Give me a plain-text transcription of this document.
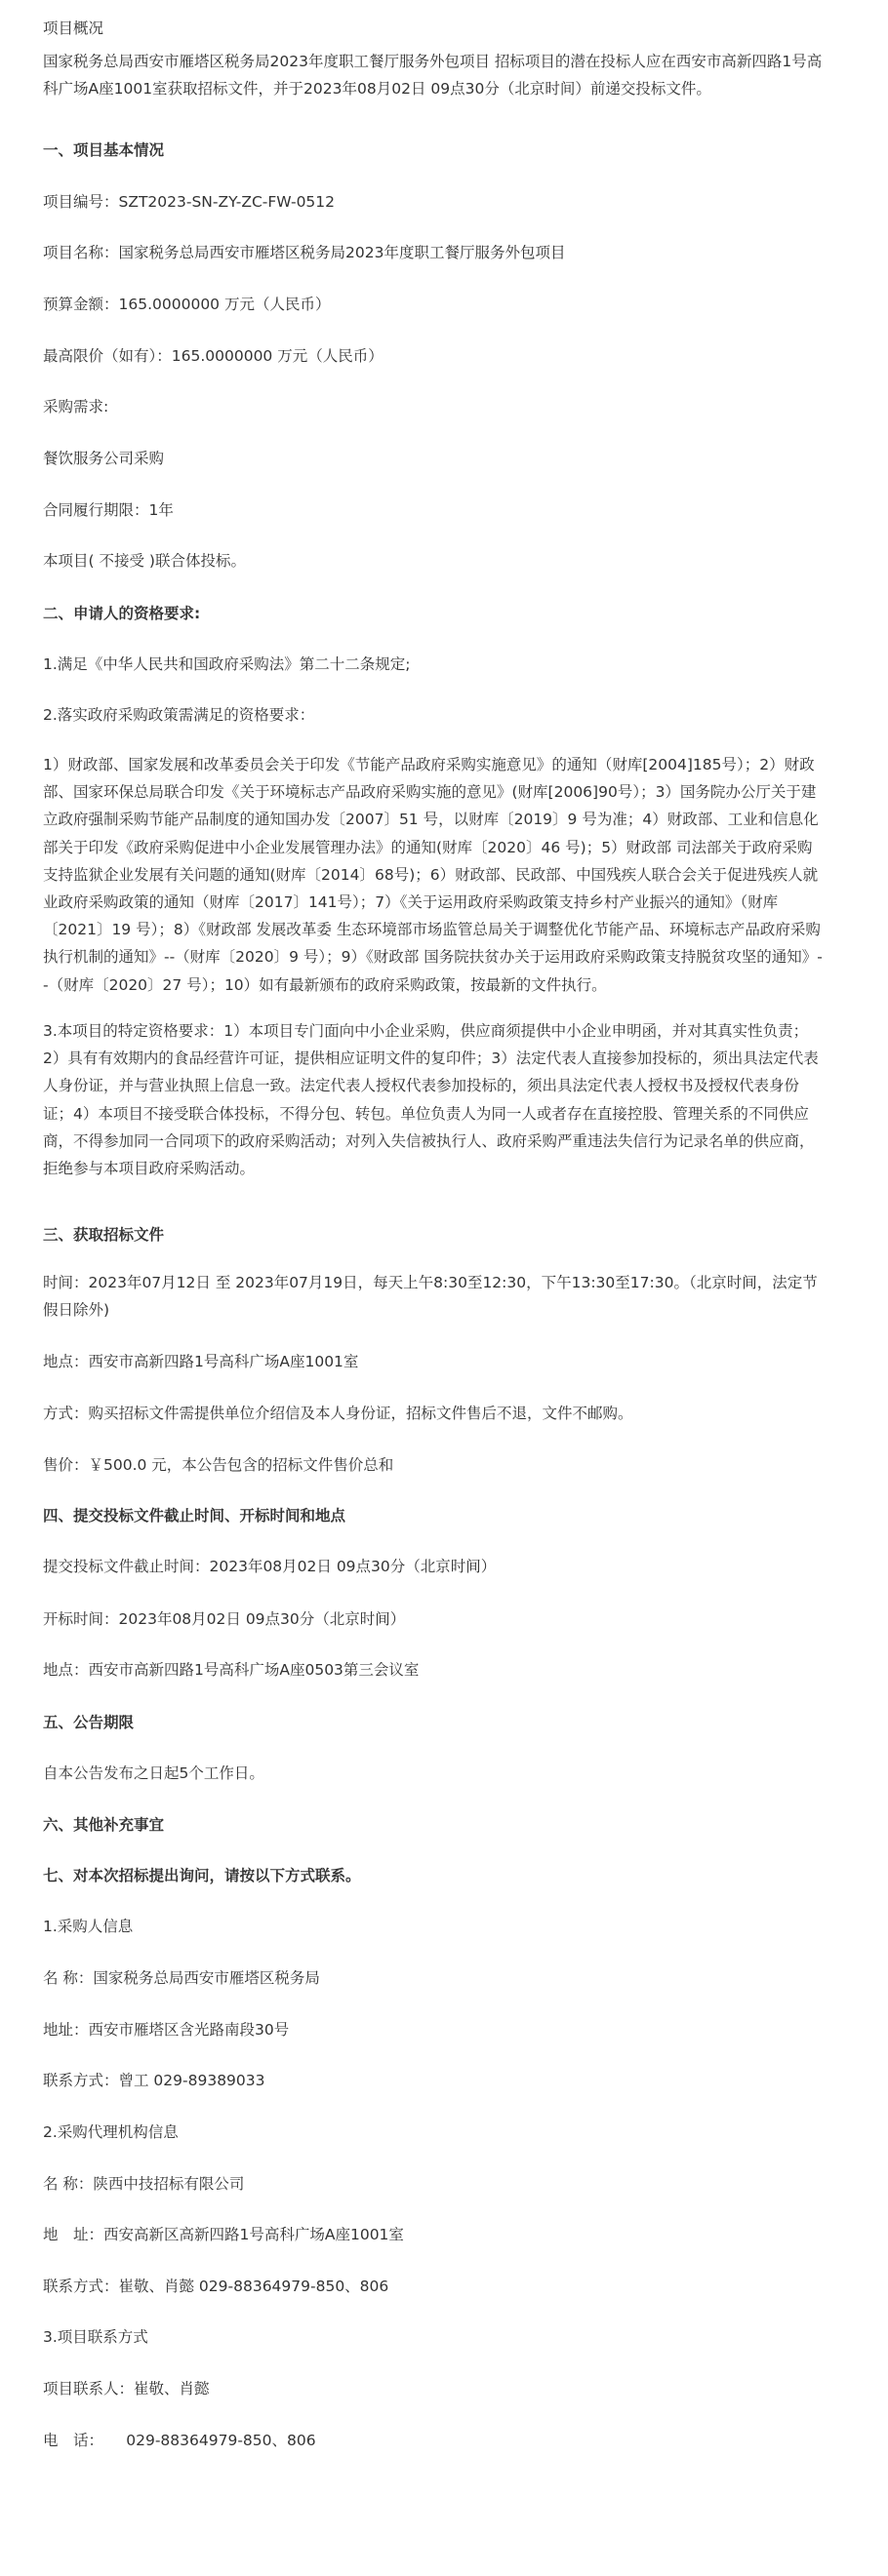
项目概况
国家税务总局西安市雁塔区税务局2023年度职工餐厅服务外包项目 招标项目的潜在投标人应在西安市高新四路1号高科广场A座1001室获取招标文件，并于2023年08月02日 09点30分（北京时间）前递交投标文件。
一、项目基本情况
项目编号：SZT2023-SN-ZY-ZC-FW-0512
项目名称：国家税务总局西安市雁塔区税务局2023年度职工餐厅服务外包项目
预算金额：165.0000000 万元（人民币）
最高限价（如有）：165.0000000 万元（人民币）
采购需求:
餐饮服务公司采购
合同履行期限：1年
本项目( 不接受 )联合体投标。
二、申请人的资格要求:
1.满足《中华人民共和国政府采购法》第二十二条规定;
2.落实政府采购政策需满足的资格要求：
1）财政部、国家发展和改革委员会关于印发《节能产品政府采购实施意见》的通知（财库[2004]185号）；2）财政部、国家环保总局联合印发《关于环境标志产品政府采购实施的意见》(财库[2006]90号）；3）国务院办公厅关于建立政府强制采购节能产品制度的通知国办发〔2007〕51 号，以财库〔2019〕9 号为准；4）财政部、工业和信息化部关于印发《政府采购促进中小企业发展管理办法》的通知(财库〔2020〕46 号)；5）财政部 司法部关于政府采购支持监狱企业发展有关问题的通知(财库〔2014〕68号)；6）财政部、民政部、中国残疾人联合会关于促进残疾人就业政府采购政策的通知（财库〔2017〕141号）；7）《关于运用政府采购政策支持乡村产业振兴的通知》（财库〔2021〕19 号）；8）《财政部 发展改革委 生态环境部市场监管总局关于调整优化节能产品、环境标志产品政府采购执行机制的通知》--（财库〔2020〕9 号）；9）《财政部 国务院扶贫办关于运用政府采购政策支持脱贫攻坚的通知》--（财库〔2020〕27 号）；10）如有最新颁布的政府采购政策，按最新的文件执行。
3.本项目的特定资格要求：1）本项目专门面向中小企业采购，供应商须提供中小企业申明函，并对其真实性负责；2）具有有效期内的食品经营许可证，提供相应证明文件的复印件；3）法定代表人直接参加投标的，须出具法定代表人身份证，并与营业执照上信息一致。法定代表人授权代表参加投标的，须出具法定代表人授权书及授权代表身份证；4）本项目不接受联合体投标，不得分包、转包。单位负责人为同一人或者存在直接控股、管理关系的不同供应商，不得参加同一合同项下的政府采购活动；对列入失信被执行人、政府采购严重违法失信行为记录名单的供应商，拒绝参与本项目政府采购活动。
三、获取招标文件
时间：2023年07月12日 至 2023年07月19日，每天上午8:30至12:30，下午13:30至17:30。（北京时间，法定节假日除外)
地点：西安市高新四路1号高科广场A座1001室
方式：购买招标文件需提供单位介绍信及本人身份证，招标文件售后不退，文件不邮购。
售价：￥500.0 元，本公告包含的招标文件售价总和
四、提交投标文件截止时间、开标时间和地点
提交投标文件截止时间：2023年08月02日 09点30分（北京时间）
开标时间：2023年08月02日 09点30分（北京时间）
地点：西安市高新四路1号高科广场A座0503第三会议室
五、公告期限
自本公告发布之日起5个工作日。
六、其他补充事宜
七、对本次招标提出询问，请按以下方式联系。
1.采购人信息
名 称：国家税务总局西安市雁塔区税务局
地址：西安市雁塔区含光路南段30号
联系方式：曾工 029-89389033
2.采购代理机构信息
名 称：陕西中技招标有限公司
地　址：西安高新区高新四路1号高科广场A座1001室
联系方式：崔敬、肖懿 029-88364979-850、806
3.项目联系方式
项目联系人：崔敬、肖懿
电　话：　　029-88364979-850、806
